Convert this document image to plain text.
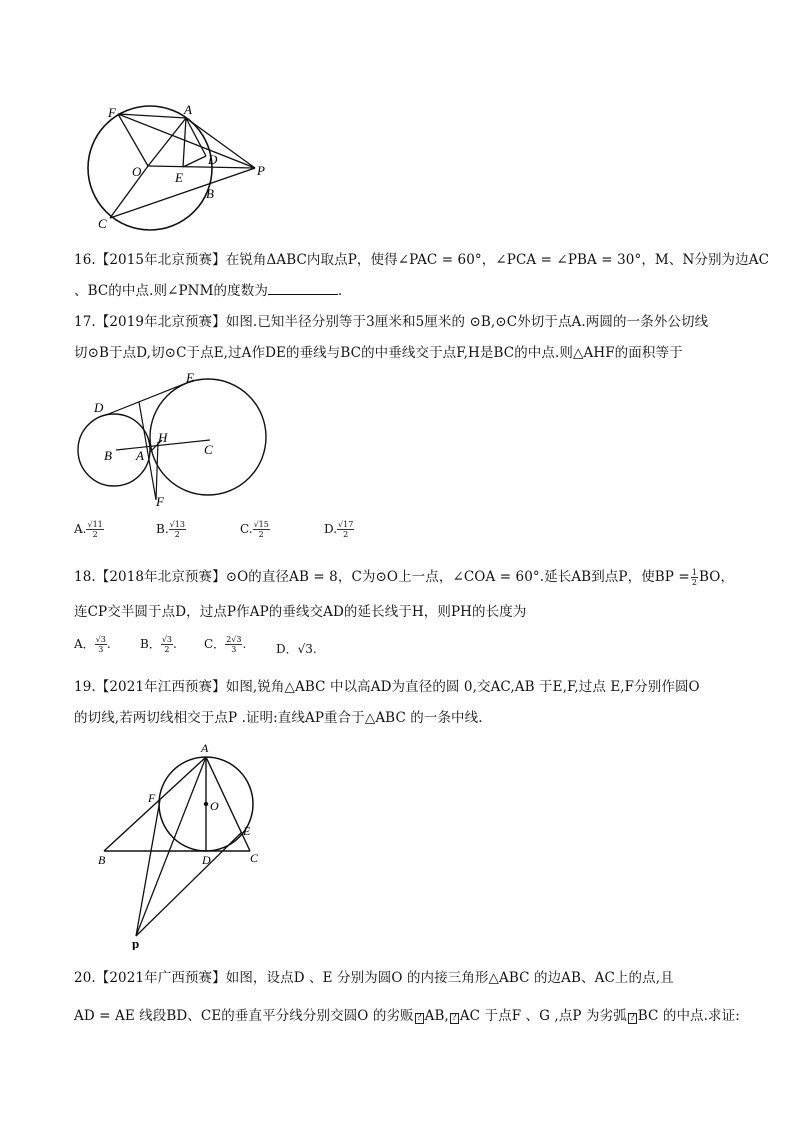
F	A
O	E
D
P
B
C
16.【2015年北京预赛】在锐角ΔABC内取点P，使得∠PAC = 60°，∠PCA = ∠PBA = 30°，M、N分别为边AC
、BC的中点.则∠PNM的度数为	.
17.【2019年北京预赛】如图.已知半径分别等于3厘米和5厘米的 ⊙B,⊙C外切于点A.两圆的一条外公切线
切⊙B于点D,切⊙C于点E,过A作DE的垂线与BC的中垂线交于点F,H是BC的中点.则△AHF的面积等于
E
D
H
C
B A
F
A. $\frac{√11}{2}$	B. $\frac{√13}{2}$	C. $\frac{√15}{2}$	D. $\frac{√17}{2}$
18.【2018年北京预赛】⊙O的直径AB = 8，C为⊙O上一点，∠COA = 60°.延长AB到点P，使BP = $\frac{1}{2}$ BO，
连CP交半圆于点D，过点P作AP的垂线交AD的延长线于H，则PH的长度为
A． $\frac{√3}{3}$ . B． $\frac{√3}{2}$ . C． $\frac{2√3}{3}$ . D．√3.
19.【2021年江西预赛】如图,锐角△ABC 中以高AD为直径的圆 0,交AC,AB 于E,F,过点 E,F分别作圆O
的切线,若两切线相交于点P .证明:直线AP重合于△ABC 的一条中线.
A
F
O
E
B	D	C
p
20.【2021年广西预赛】如图，设点D 、E 分别为圆O 的内接三角形△ABC 的边AB、AC上的点,且
AD = AE 线段BD、CE的垂直平分线分别交圆O 的劣贩 ? AB, ? AC 于点F 、G ,点P 为劣弧 ? BC 的中点.求证:
